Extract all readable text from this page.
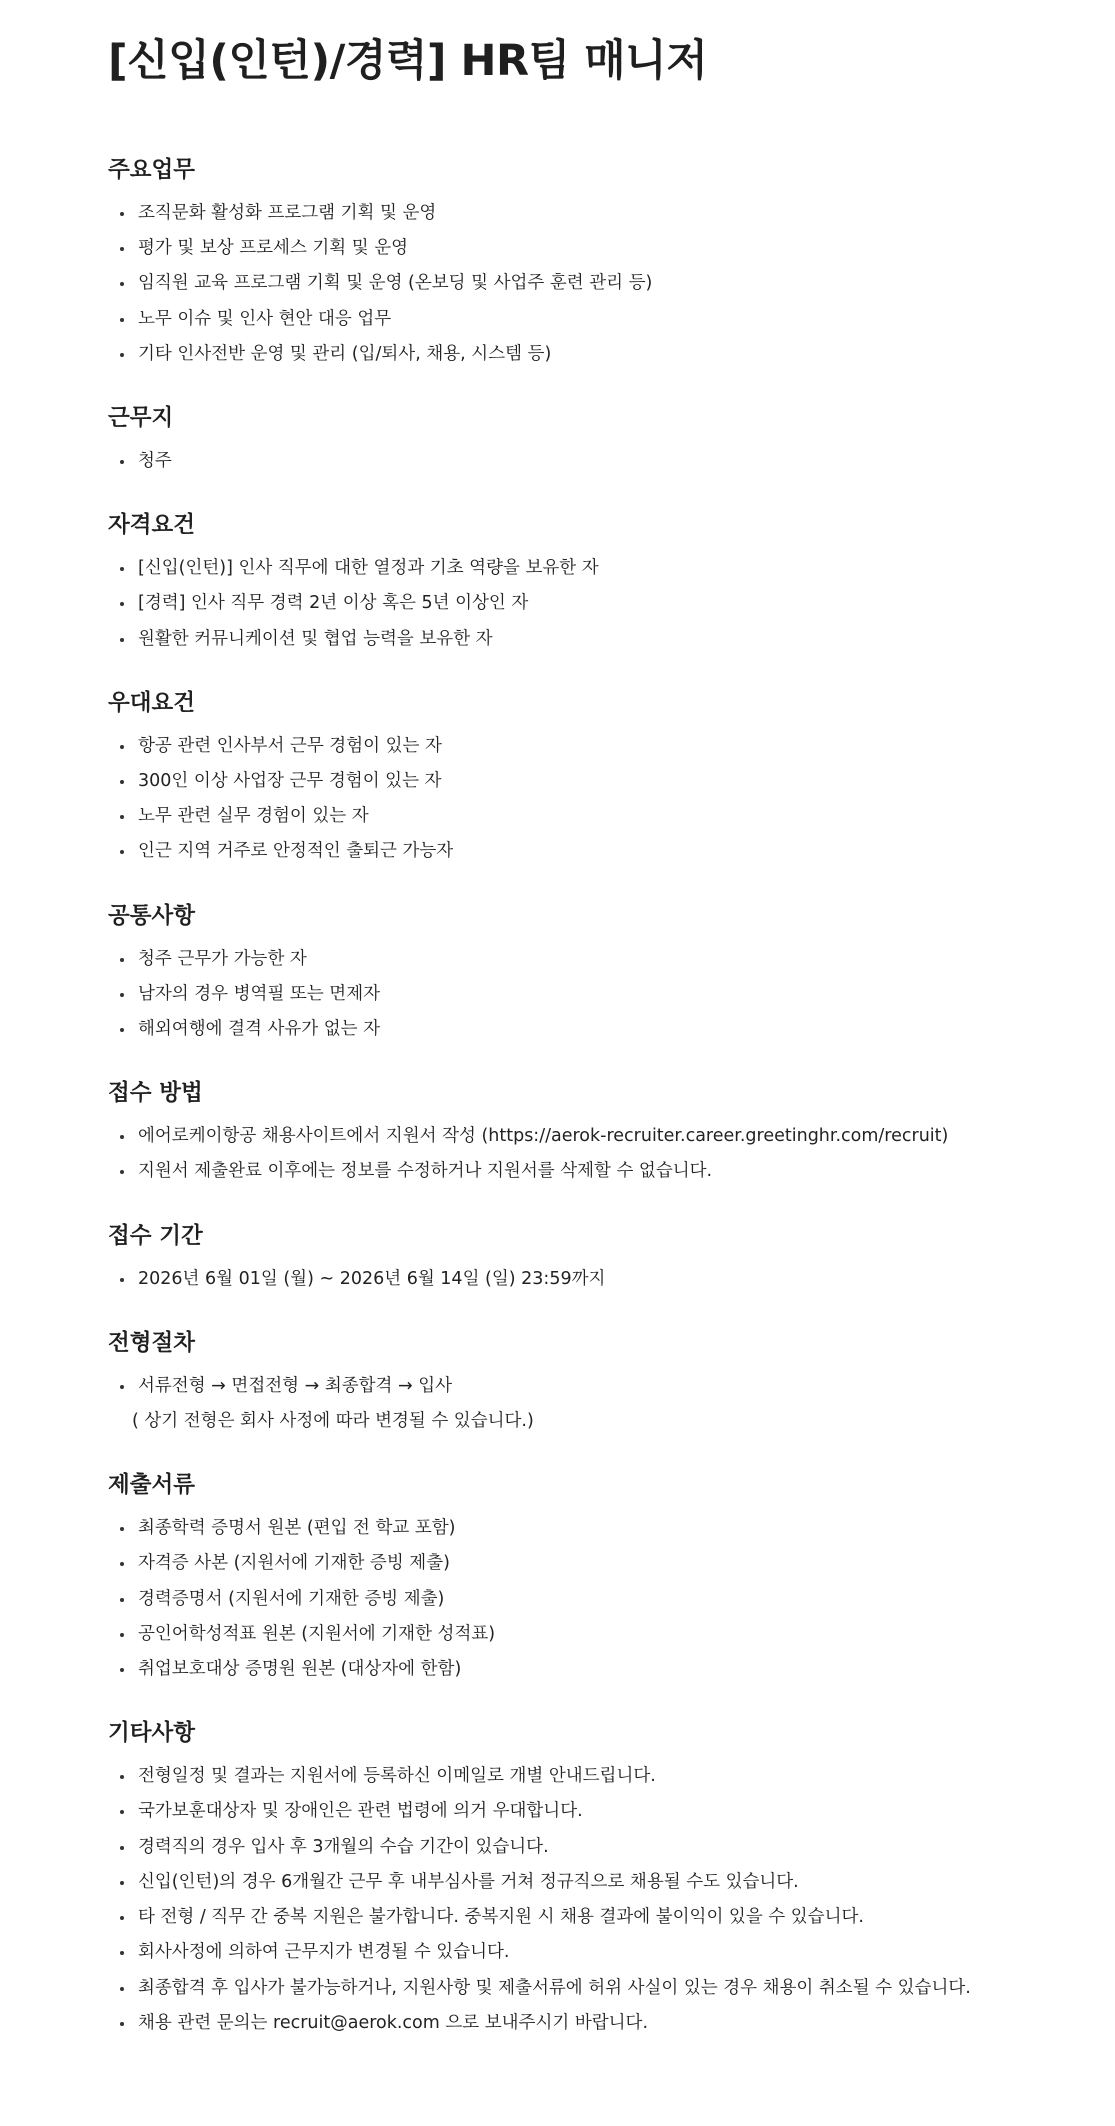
[신입(인턴)/경력] HR팀 매니저
주요업무
조직문화 활성화 프로그램 기획 및 운영
평가 및 보상 프로세스 기획 및 운영
임직원 교육 프로그램 기획 및 운영 (온보딩 및 사업주 훈련 관리 등)
노무 이슈 및 인사 현안 대응 업무
기타 인사전반 운영 및 관리 (입/퇴사, 채용, 시스템 등)
근무지
청주
자격요건
[신입(인턴)] 인사 직무에 대한 열정과 기초 역량을 보유한 자
[경력] 인사 직무 경력 2년 이상 혹은 5년 이상인 자
원활한 커뮤니케이션 및 협업 능력을 보유한 자
우대요건
항공 관련 인사부서 근무 경험이 있는 자
300인 이상 사업장 근무 경험이 있는 자
노무 관련 실무 경험이 있는 자
인근 지역 거주로 안정적인 출퇴근 가능자
공통사항
청주 근무가 가능한 자
남자의 경우 병역필 또는 면제자
해외여행에 결격 사유가 없는 자
접수 방법
에어로케이항공 채용사이트에서 지원서 작성 (https://aerok-recruiter.career.greetinghr.com/recruit)
지원서 제출완료 이후에는 정보를 수정하거나 지원서를 삭제할 수 없습니다.
접수 기간
2026년 6월 01일 (월) ~ 2026년 6월 14일 (일) 23:59까지
전형절차
서류전형 → 면접전형 → 최종합격 → 입사

( 상기 전형은 회사 사정에 따라 변경될 수 있습니다.)

제출서류
최종학력 증명서 원본 (편입 전 학교 포함)
자격증 사본 (지원서에 기재한 증빙 제출)
경력증명서 (지원서에 기재한 증빙 제출)
공인어학성적표 원본 (지원서에 기재한 성적표)
취업보호대상 증명원 원본 (대상자에 한함)
기타사항
전형일정 및 결과는 지원서에 등록하신 이메일로 개별 안내드립니다.
국가보훈대상자 및 장애인은 관련 법령에 의거 우대합니다.
경력직의 경우 입사 후 3개월의 수습 기간이 있습니다.
신입(인턴)의 경우 6개월간 근무 후 내부심사를 거쳐 정규직으로 채용될 수도 있습니다.
타 전형 / 직무 간 중복 지원은 불가합니다. 중복지원 시 채용 결과에 불이익이 있을 수 있습니다.
회사사정에 의하여 근무지가 변경될 수 있습니다.
최종합격 후 입사가 불가능하거나, 지원사항 및 제출서류에 허위 사실이 있는 경우 채용이 취소될 수 있습니다.
채용 관련 문의는 recruit@aerok.com 으로 보내주시기 바랍니다.
